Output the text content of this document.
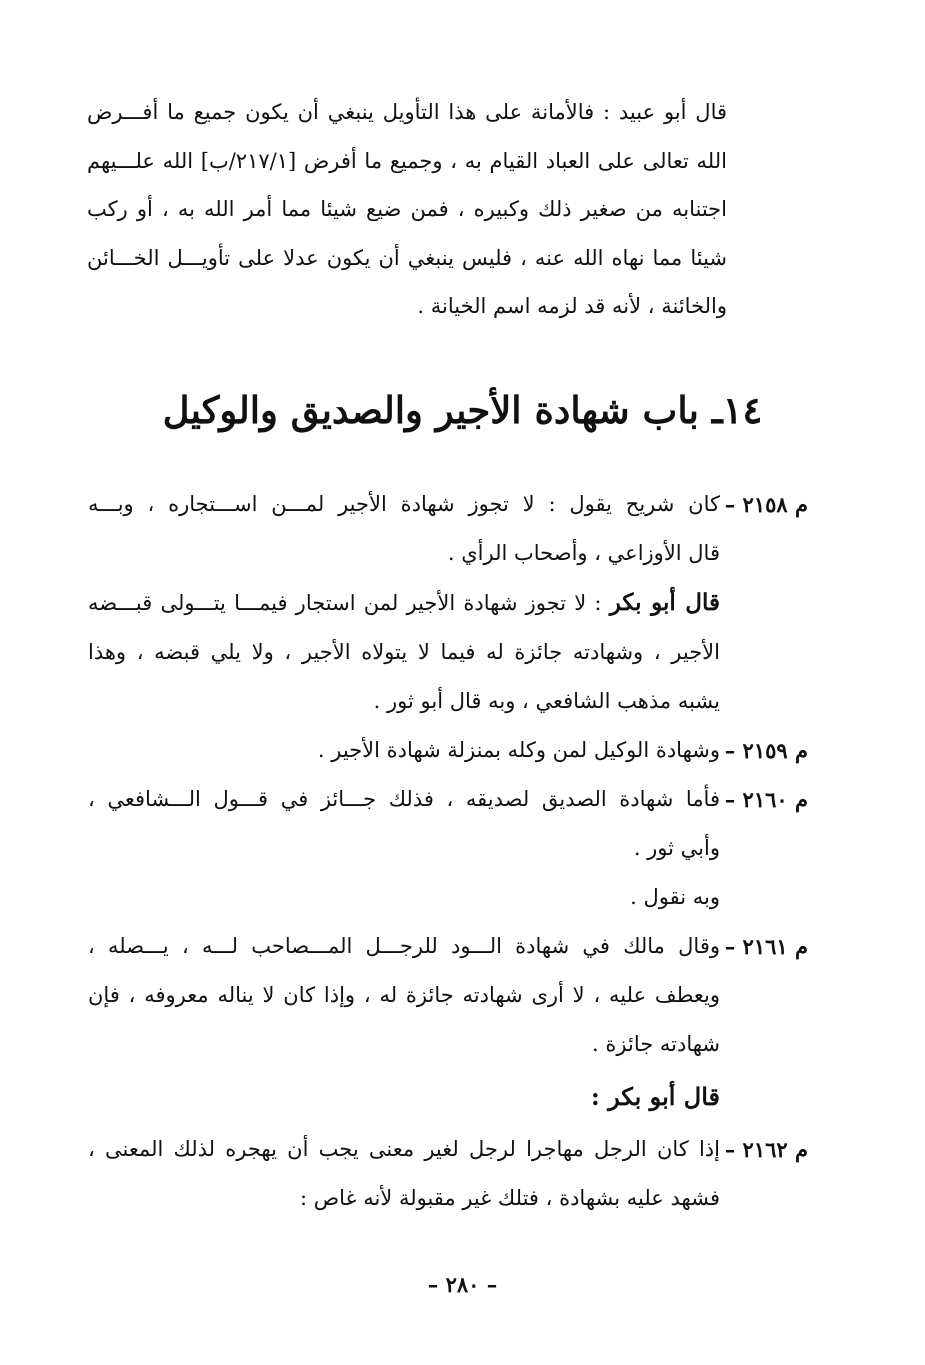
قال أبو عبيد : فالأمانة على هذا التأويل ينبغي أن يكون جميع ما أفـــرض
الله تعالى على العباد القيام به ، وجميع ما أفرض [۲۱۷/۱/ب] الله علـــيهم
اجتنابه من صغير ذلك وكبيره ، فمن ضيع شيئا مما أمر الله به ، أو ركب
شيئا مما نهاه الله عنه ، فليس ينبغي أن يكون عدلا على تأويـــل الخـــائن
والخائنة ، لأنه قد لزمه اسم الخيانة .
١٤ـ باب شهادة الأجير والصديق والوكيل
م ٢١٥٨ –
كان شريح يقول : لا تجوز شهادة الأجير لمـــن اســـتجاره ، وبـــه
قال الأوزاعي ، وأصحاب الرأي .
قال أبو بكر : لا تجوز شهادة الأجير لمن استجار فيمـــا يتـــولى قبـــضه
الأجير ، وشهادته جائزة له فيما لا يتولاه الأجير ، ولا يلي قبضه ، وهذا
يشبه مذهب الشافعي ، وبه قال أبو ثور .
م ٢١٥٩ –
وشهادة الوكيل لمن وكله بمنزلة شهادة الأجير .
م ٢١٦٠ –
فأما شهادة الصديق لصديقه ، فذلك جـــائز في قـــول الـــشافعي ،
وأبي ثور .
وبه نقول .
م ٢١٦١ –
وقال مالك في شهادة الـــود للرجـــل المـــصاحب لـــه ، يـــصله ،
ويعطف عليه ، لا أرى شهادته جائزة له ، وإذا كان لا يناله معروفه ، فإن
شهادته جائزة .
قال أبو بكر :
م ٢١٦٢ –
إذا كان الرجل مهاجرا لرجل لغير معنى يجب أن يهجره لذلك المعنى ،
فشهد عليه بشهادة ، فتلك غير مقبولة لأنه غاص :
– ٢٨٠ –
